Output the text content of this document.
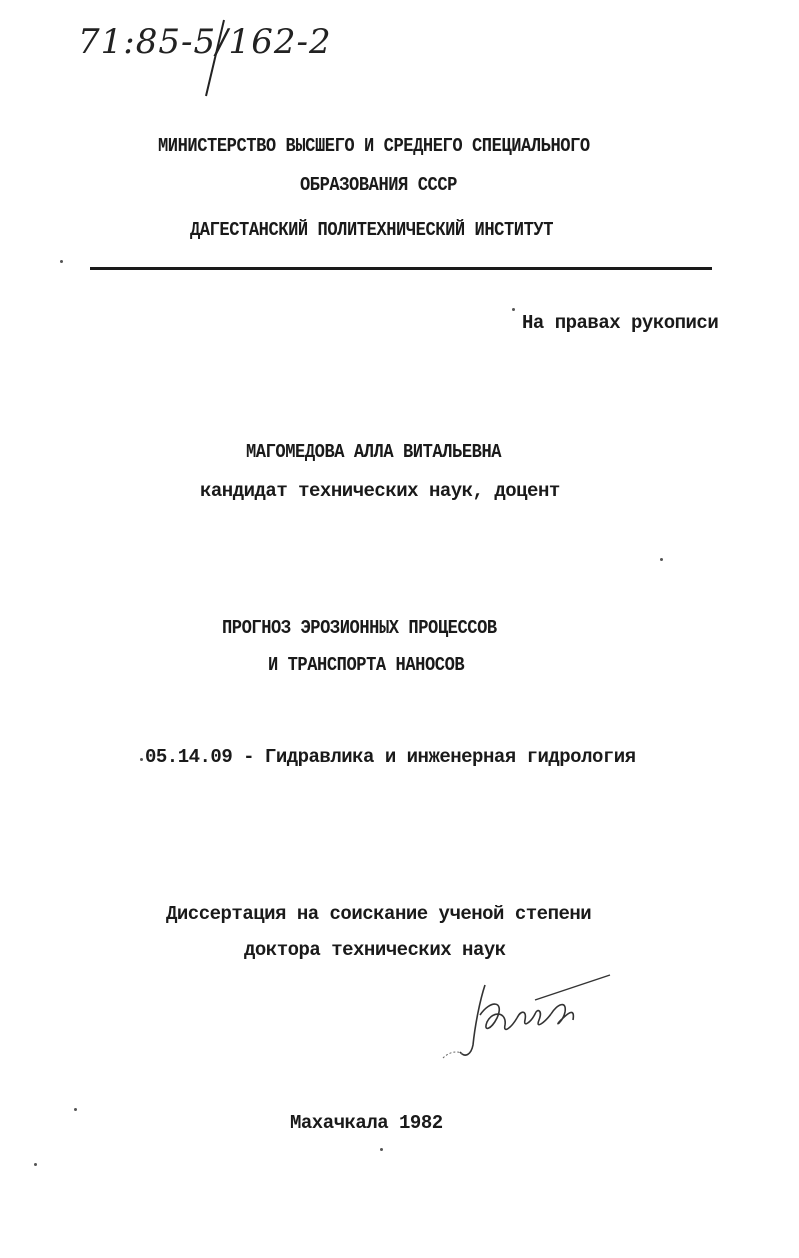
71:85-5/162-2
МИНИСТЕРСТВО ВЫСШЕГО И СРЕДНЕГО СПЕЦИАЛЬНОГО
ОБРАЗОВАНИЯ СССР
ДАГЕСТАНСКИЙ ПОЛИТЕХНИЧЕСКИЙ ИНСТИТУТ
На правах рукописи
МАГОМЕДОВА АЛЛА ВИТАЛЬЕВНА
кандидат технических наук, доцент
ПРОГНОЗ ЭРОЗИОННЫХ ПРОЦЕССОВ
И ТРАНСПОРТА НАНОСОВ
05.14.09 - Гидравлика и инженерная гидрология
Диссертация на соискание ученой степени
доктора технических наук
Махачкала 1982
